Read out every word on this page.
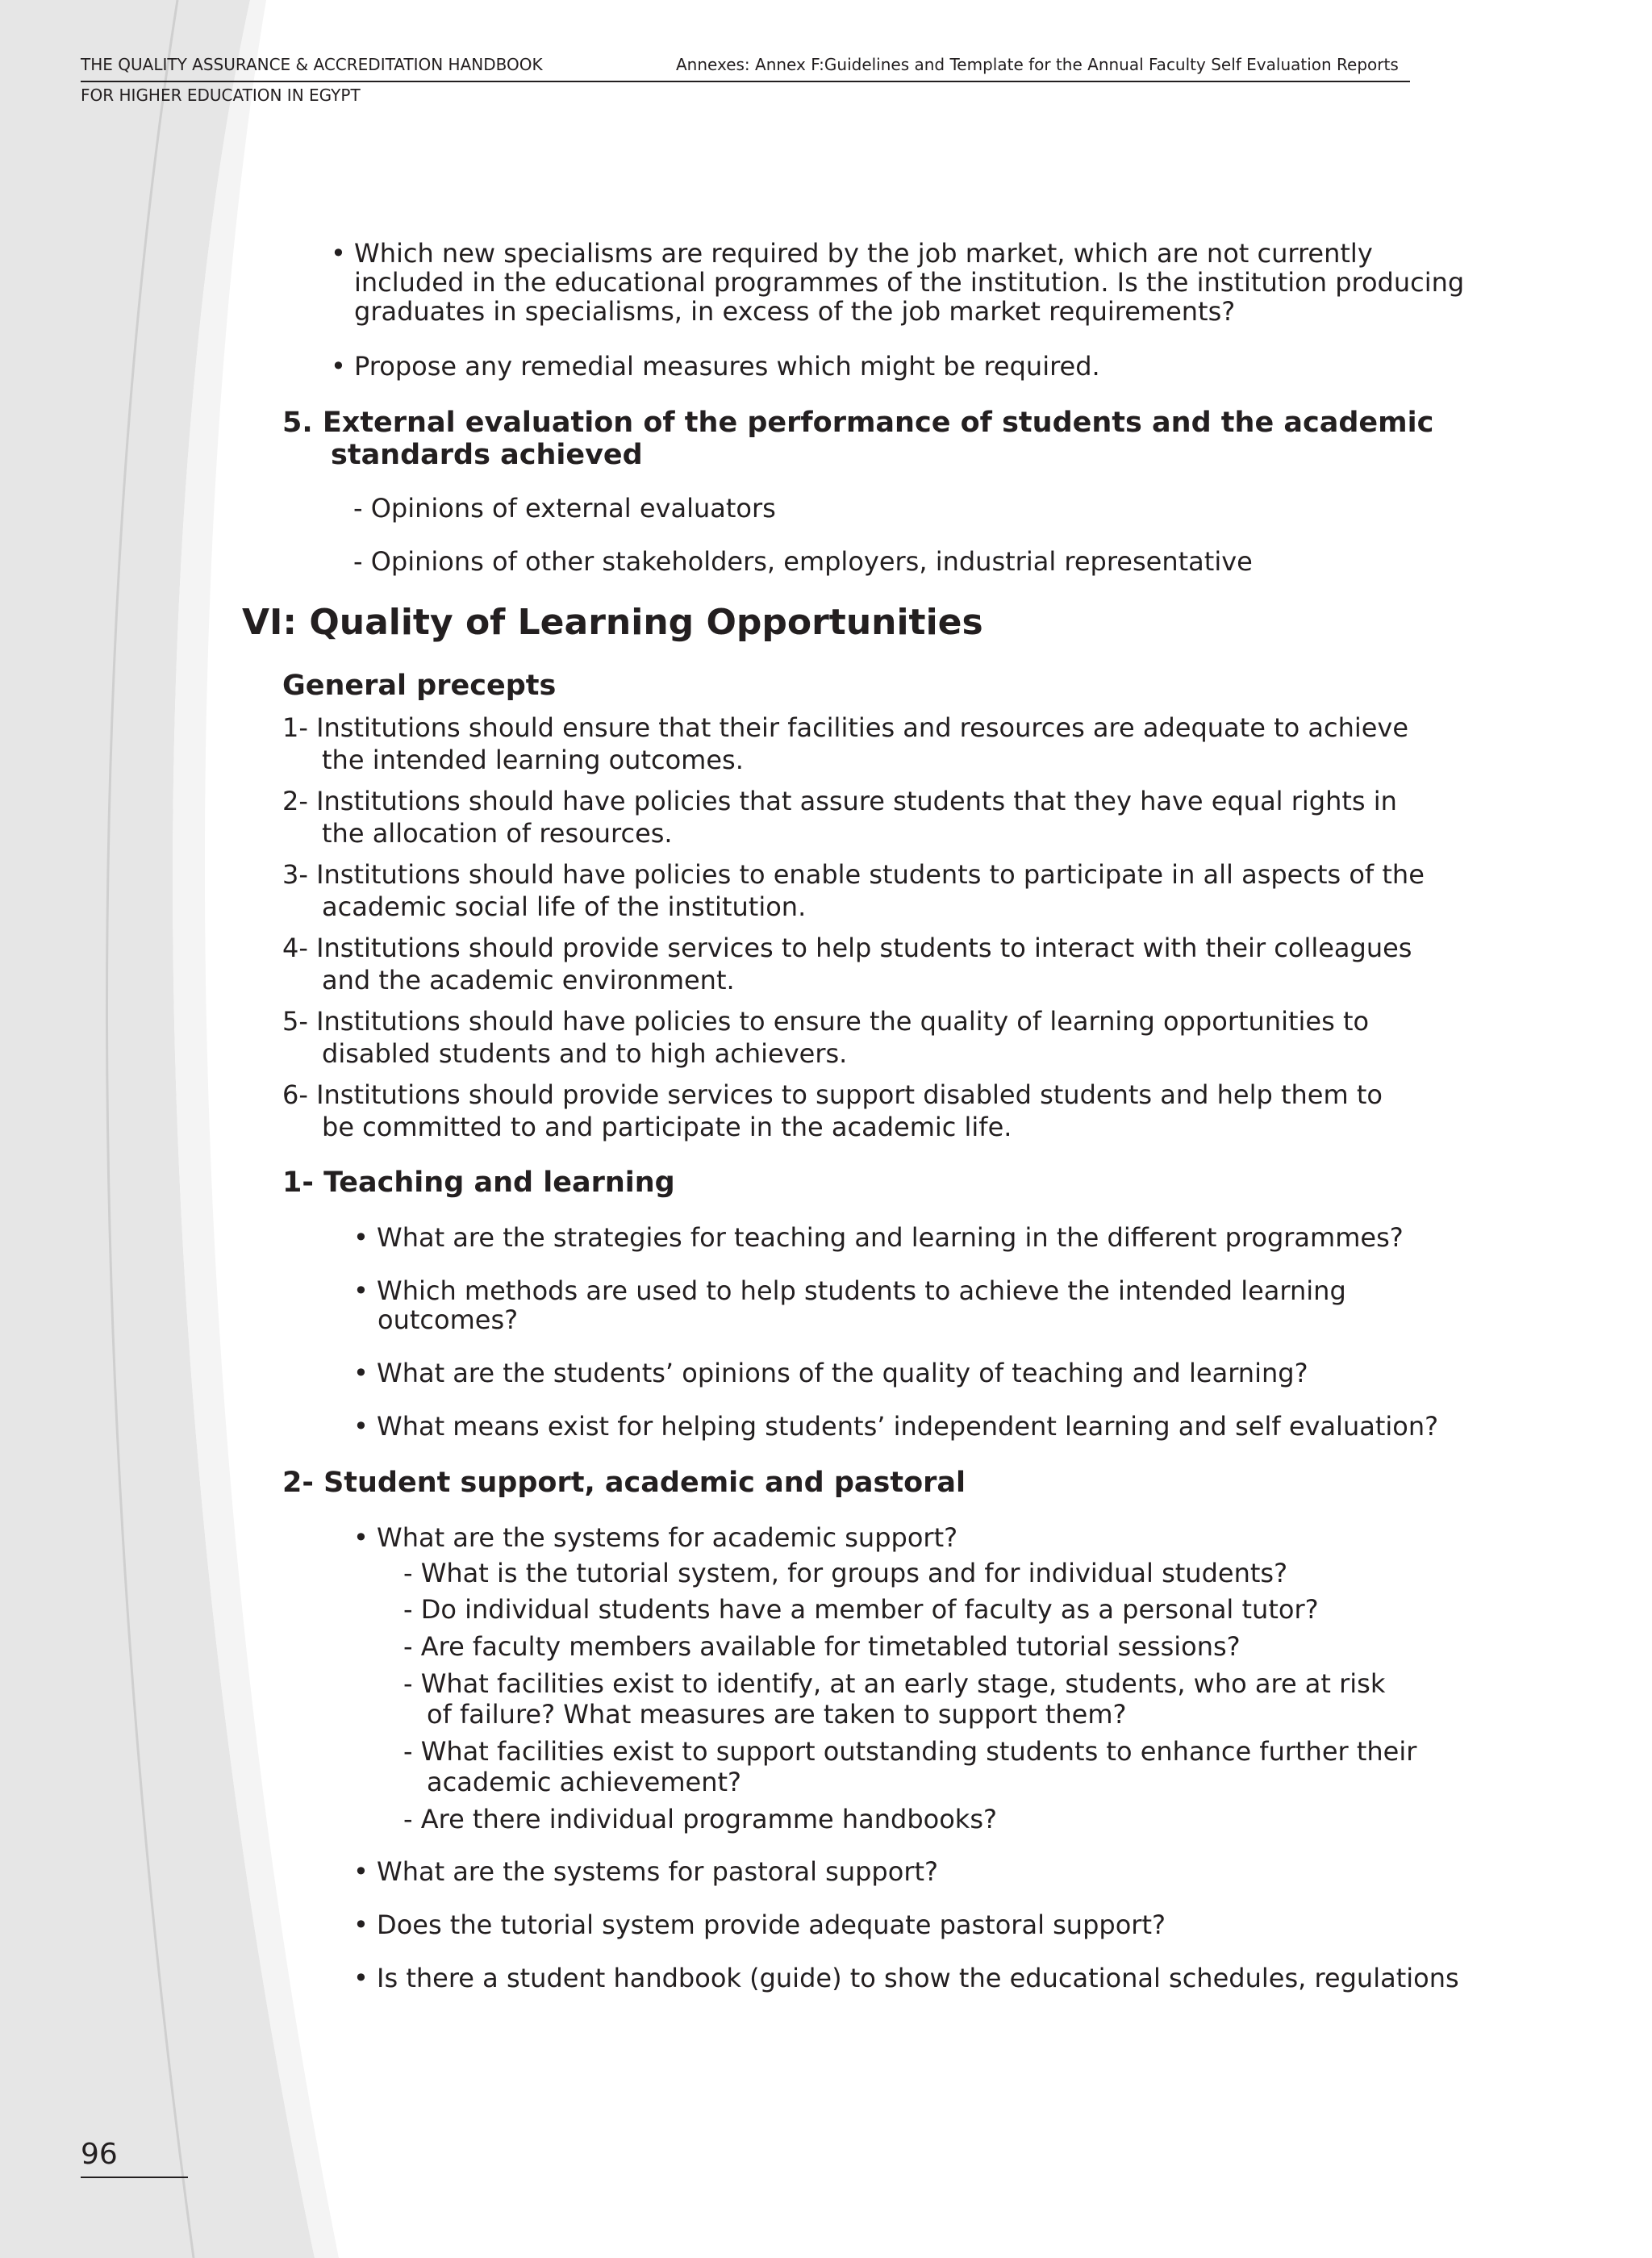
THE QUALITY ASSURANCE & ACCREDITATION HANDBOOK
FOR HIGHER EDUCATION IN EGYPT
Annexes: Annex F:Guidelines and Template for the Annual Faculty Self Evaluation Reports
• Which new specialisms are required by the job market, which are not currently
included in the educational programmes of the institution. Is the institution producing
graduates in specialisms, in excess of the job market requirements?
• Propose any remedial measures which might be required.
5. External evaluation of the performance of students and the academic
standards achieved
- Opinions of external evaluators
- Opinions of other stakeholders, employers, industrial representative
VI: Quality of Learning Opportunities
General precepts
1- Institutions should ensure that their facilities and resources are adequate to achieve
the intended learning outcomes.
2- Institutions should have policies that assure students that they have equal rights in
the allocation of resources.
3- Institutions should have policies to enable students to participate in all aspects of the
academic social life of the institution.
4- Institutions should provide services to help students to interact with their colleagues
and the academic environment.
5- Institutions should have policies to ensure the quality of learning opportunities to
disabled students and to high achievers.
6- Institutions should provide services to support disabled students and help them to
be committed to and participate in the academic life.
1- Teaching and learning
• What are the strategies for teaching and learning in the different programmes?
• Which methods are used to help students to achieve the intended learning
outcomes?
• What are the students’ opinions of the quality of teaching and learning?
• What means exist for helping students’ independent learning and self evaluation?
2- Student support, academic and pastoral
• What are the systems for academic support?
- What is the tutorial system, for groups and for individual students?
- Do individual students have a member of faculty as a personal tutor?
- Are faculty members available for timetabled tutorial sessions?
- What facilities exist to identify, at an early stage, students, who are at risk
of failure? What measures are taken to support them?
- What facilities exist to support outstanding students to enhance further their
academic achievement?
- Are there individual programme handbooks?
• What are the systems for pastoral support?
• Does the tutorial system provide adequate pastoral support?
• Is there a student handbook (guide) to show the educational schedules, regulations
96
